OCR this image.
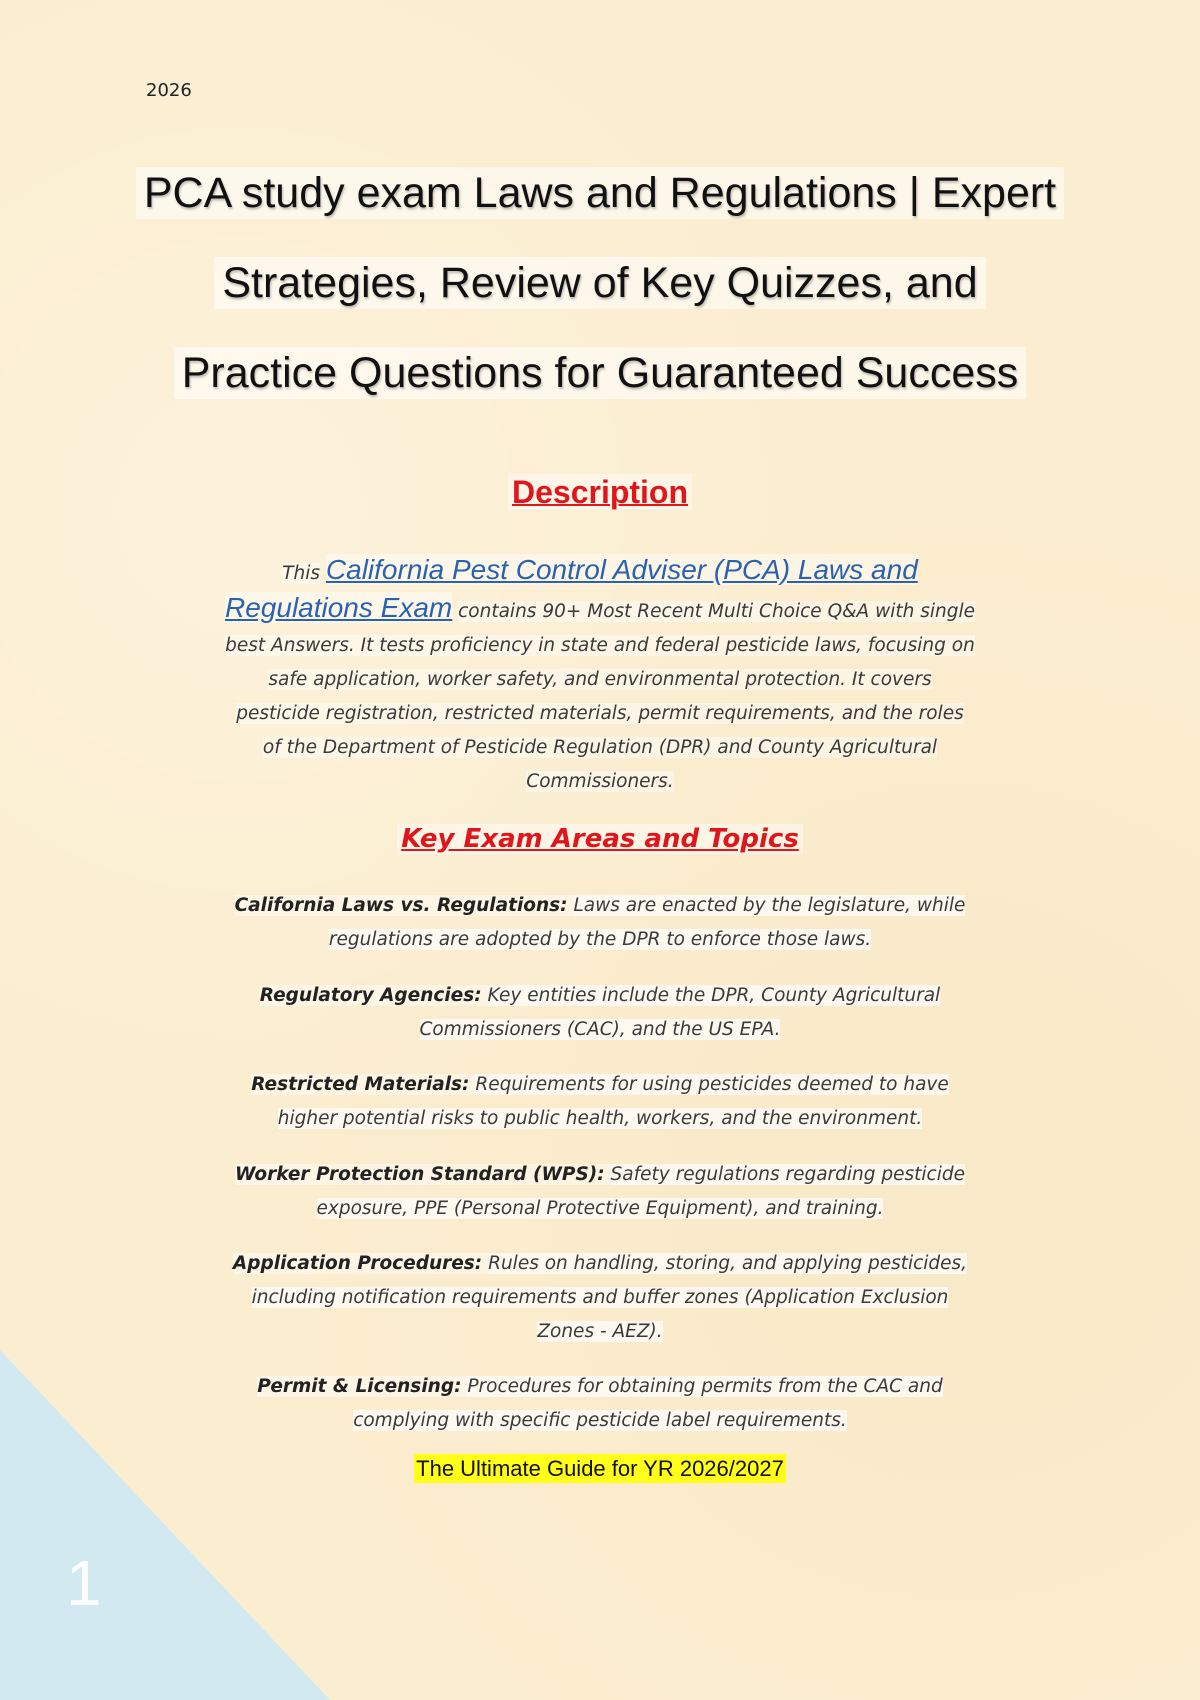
2026
PCA study exam Laws and Regulations | Expert
Strategies, Review of Key Quizzes, and
Practice Questions for Guaranteed Success
Description
This California Pest Control Adviser (PCA) Laws and Regulations Exam contains 90+ Most Recent Multi Choice Q&A with single best Answers. It tests proficiency in state and federal pesticide laws, focusing on safe application, worker safety, and environmental protection. It covers pesticide registration, restricted materials, permit requirements, and the roles of the Department of Pesticide Regulation (DPR) and County Agricultural Commissioners.
Key Exam Areas and Topics
California Laws vs. Regulations: Laws are enacted by the legislature, while regulations are adopted by the DPR to enforce those laws.
Regulatory Agencies: Key entities include the DPR, County Agricultural Commissioners (CAC), and the US EPA.
Restricted Materials: Requirements for using pesticides deemed to have higher potential risks to public health, workers, and the environment.
Worker Protection Standard (WPS): Safety regulations regarding pesticide exposure, PPE (Personal Protective Equipment), and training.
Application Procedures: Rules on handling, storing, and applying pesticides, including notification requirements and buffer zones (Application Exclusion Zones - AEZ).
Permit & Licensing: Procedures for obtaining permits from the CAC and complying with specific pesticide label requirements.
The Ultimate Guide for YR 2026/2027
1
